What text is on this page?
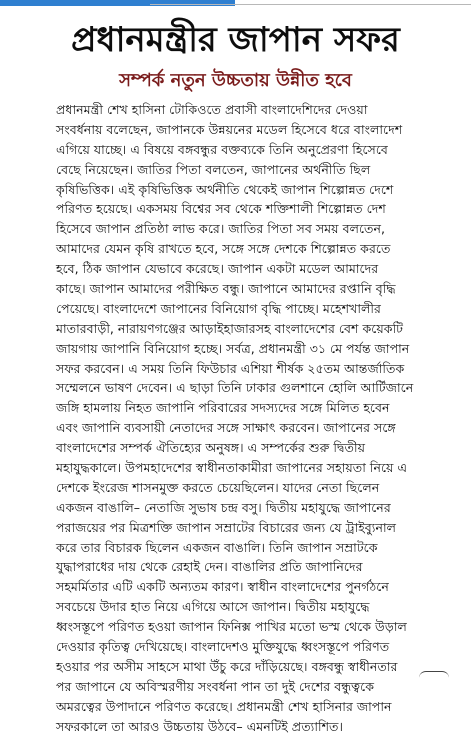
প্রধানমন্ত্রীর জাপান সফর
সম্পর্ক নতুন উচ্চতায় উন্নীত হবে
প্রধানমন্ত্রী শেখ হাসিনা টোকিওতে প্রবাসী বাংলাদেশিদের দেওয়া
সংবর্ধনায় বলেছেন, জাপানকে উন্নয়নের মডেল হিসেবে ধরে বাংলাদেশ
এগিয়ে যাচ্ছে। এ বিষয়ে বঙ্গবন্ধুর বক্তব্যকে তিনি অনুপ্রেরণা হিসেবে
বেছে নিয়েছেন। জাতির পিতা বলতেন, জাপানের অর্থনীতি ছিল
কৃষিভিত্তিক। এই কৃষিভিত্তিক অর্থনীতি থেকেই জাপান শিল্পোন্নত দেশে
পরিণত হয়েছে। একসময় বিশ্বের সব থেকে শক্তিশালী শিল্পোন্নত দেশ
হিসেবে জাপান প্রতিষ্ঠা লাভ করে। জাতির পিতা সব সময় বলতেন,
আমাদের যেমন কৃষি রাখতে হবে, সঙ্গে সঙ্গে দেশকে শিল্পোন্নত করতে
হবে, ঠিক জাপান যেভাবে করেছে। জাপান একটা মডেল আমাদের
কাছে। জাপান আমাদের পরীক্ষিত বন্ধু। জাপানে আমাদের রপ্তানি বৃদ্ধি
পেয়েছে। বাংলাদেশে জাপানের বিনিয়োগ বৃদ্ধি পাচ্ছে। মহেশখালীর
মাতারবাড়ী, নারায়ণগঞ্জের আড়াইহাজারসহ বাংলাদেশের বেশ কয়েকটি
জায়গায় জাপানি বিনিয়োগ হচ্ছে। সর্বত্র, প্রধানমন্ত্রী ৩১ মে পর্যন্ত জাপান
সফর করবেন। এ সময় তিনি ফিউচার এশিয়া শীর্ষক ২৫তম আন্তর্জাতিক
সম্মেলনে ভাষণ দেবেন। এ ছাড়া তিনি ঢাকার গুলশানে হোলি আর্টিজানে
জঙ্গি হামলায় নিহত জাপানি পরিবারের সদস্যদের সঙ্গে মিলিত হবেন
এবং জাপানি ব্যবসায়ী নেতাদের সঙ্গে সাক্ষাৎ করবেন। জাপানের সঙ্গে
বাংলাদেশের সম্পর্ক ঐতিহ্যের অনুষঙ্গ। এ সম্পর্কের শুরু দ্বিতীয়
মহাযুদ্ধকালে। উপমহাদেশের স্বাধীনতাকামীরা জাপানের সহায়তা নিয়ে এ
দেশকে ইংরেজ শাসনমুক্ত করতে চেয়েছিলেন। যাদের নেতা ছিলেন
একজন বাঙালি– নেতাজি সুভাষ চন্দ্র বসু। দ্বিতীয় মহাযুদ্ধে জাপানের
পরাজয়ের পর মিত্রশক্তি জাপান সম্রাটের বিচারের জন্য যে ট্রাইব্যুনাল
করে তার বিচারক ছিলেন একজন বাঙালি। তিনি জাপান সম্রাটকে
যুদ্ধাপরাধের দায় থেকে রেহাই দেন। বাঙালির প্রতি জাপানিদের
সহমর্মিতার এটি একটি অন্যতম কারণ। স্বাধীন বাংলাদেশের পুনর্গঠনে
সবচেয়ে উদার হাত নিয়ে এগিয়ে আসে জাপান। দ্বিতীয় মহাযুদ্ধে
ধ্বংসস্তূপে পরিণত হওয়া জাপান ফিনিক্স পাখির মতো ভস্ম থেকে উড়াল
দেওয়ার কৃতিত্ব দেখিয়েছে। বাংলাদেশও মুক্তিযুদ্ধে ধ্বংসস্তূপে পরিণত
হওয়ার পর অসীম সাহসে মাথা উঁচু করে দাঁড়িয়েছে। বঙ্গবন্ধু স্বাধীনতার
পর জাপানে যে অবিস্মরণীয় সংবর্ধনা পান তা দুই দেশের বন্ধুত্বকে
অমরত্বের উপাদানে পরিণত করেছে। প্রধানমন্ত্রী শেখ হাসিনার জাপান
সফরকালে তা আরও উচ্চতায় উঠবে– এমনটিই প্রত্যাশিত।
